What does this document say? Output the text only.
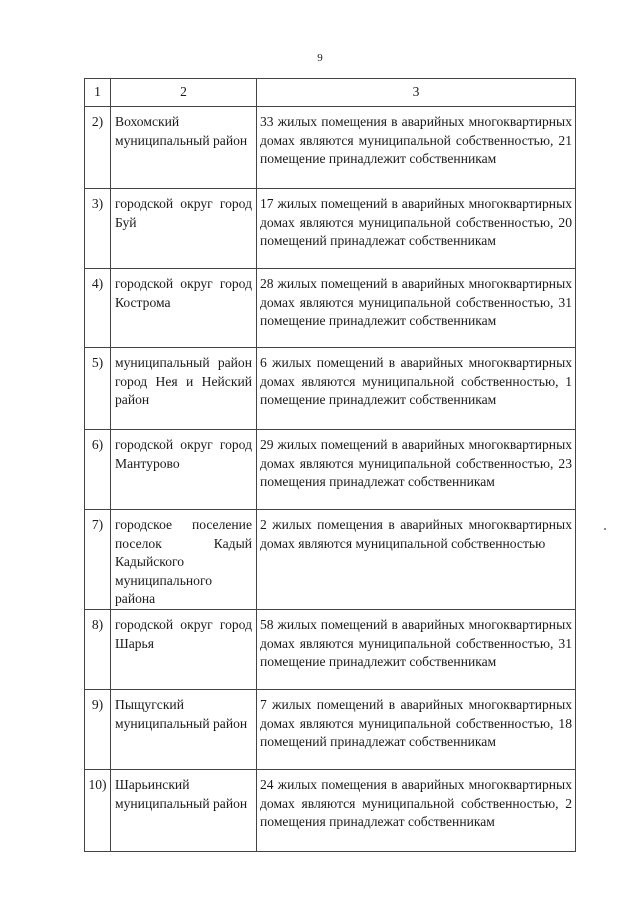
9
1	2	3
2)	Вохомский муниципальный район	33 жилых помещения в аварийных многоквартирных домах являются муниципальной собственностью, 21 помещение принадлежит собственникам
3)	городской округ город Буй	17 жилых помещений в аварийных многоквартирных домах являются муниципальной собственностью, 20 помещений принадлежат собственникам
4)	городской округ город Кострома	28 жилых помещений в аварийных многоквартирных домах являются муниципальной собственностью, 31 помещение принадлежит собственникам
5)	муниципальный район город Нея и Нейский район	6 жилых помещений в аварийных многоквартирных домах являются муниципальной собственностью, 1 помещение принадлежит собственникам
6)	городской округ город Мантурово	29 жилых помещений в аварийных многоквартирных домах являются муниципальной собственностью, 23 помещения принадлежат собственникам
7)	городское поселение поселок Кадый Кадыйского муниципального района	2 жилых помещения в аварийных многоквартирных домах являются муниципальной собственностью
8)	городской округ город Шарья	58 жилых помещений в аварийных многоквартирных домах являются муниципальной собственностью, 31 помещение принадлежит собственникам
9)	Пыщугский муниципальный район	7 жилых помещений в аварийных многоквартирных домах являются муниципальной собственностью, 18 помещений принадлежат собственникам
10)	Шарьинский муниципальный район	24 жилых помещения в аварийных многоквартирных домах являются муниципальной собственностью, 2 помещения принадлежат собственникам
